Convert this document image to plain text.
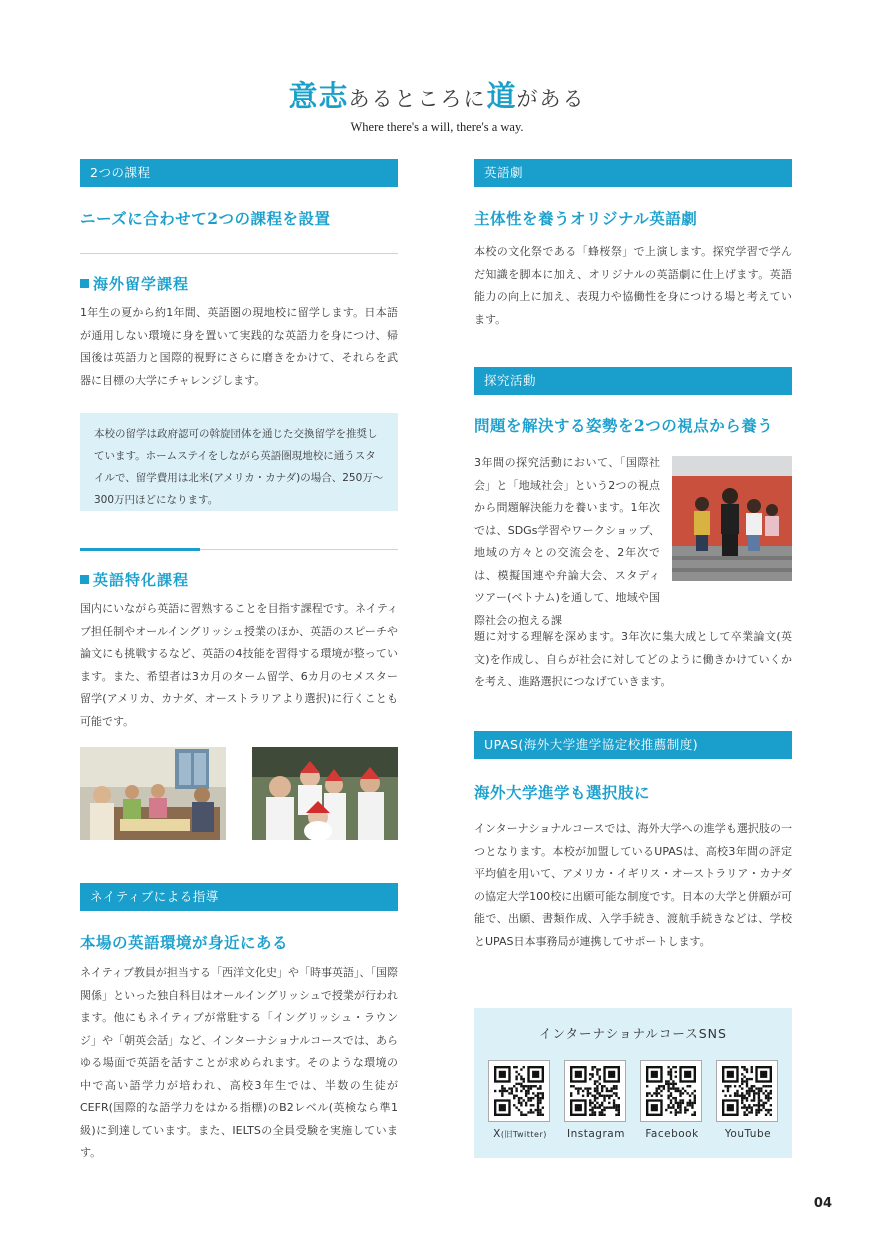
意志あるところに道がある
Where there's a will, there's a way.
2つの課程
ニーズに合わせて2つの課程を設置
海外留学課程
1年生の夏から約1年間、英語圏の現地校に留学します。日本語が通用しない環境に身を置いて実践的な英語力を身につけ、帰国後は英語力と国際的視野にさらに磨きをかけて、それらを武器に目標の大学にチャレンジします。
本校の留学は政府認可の斡旋団体を通じた交換留学を推奨しています。ホームステイをしながら英語圏現地校に通うスタイルで、留学費用は北米(アメリカ・カナダ)の場合、250万〜300万円ほどになります。
英語特化課程
国内にいながら英語に習熟することを目指す課程です。ネイティブ担任制やオールイングリッシュ授業のほか、英語のスピーチや論文にも挑戦するなど、英語の4技能を習得する環境が整っています。また、希望者は3カ月のターム留学、6カ月のセメスター留学(アメリカ、カナダ、オーストラリアより選択)に行くことも可能です。
ネイティブによる指導
本場の英語環境が身近にある
ネイティブ教員が担当する「西洋文化史」や「時事英語」、「国際関係」といった独自科目はオールイングリッシュで授業が行われます。他にもネイティブが常駐する「イングリッシュ・ラウンジ」や「朝英会話」など、インターナショナルコースでは、あらゆる場面で英語を話すことが求められます。そのような環境の中で高い語学力が培われ、高校3年生では、半数の生徒がCEFR(国際的な語学力をはかる指標)のB2レベル(英検なら準1級)に到達しています。また、IELTSの全員受験を実施しています。
英語劇
主体性を養うオリジナル英語劇
本校の文化祭である「蜂桜祭」で上演します。探究学習で学んだ知識を脚本に加え、オリジナルの英語劇に仕上げます。英語能力の向上に加え、表現力や協働性を身につける場と考えています。
探究活動
問題を解決する姿勢を2つの視点から養う
3年間の探究活動において、「国際社会」と「地域社会」という2つの視点から問題解決能力を養います。1年次では、SDGs学習やワークショップ、地域の方々との交流会を、2年次では、模擬国連や弁論大会、スタディツアー(ベトナム)を通して、地域や国際社会の抱える課
題に対する理解を深めます。3年次に集大成として卒業論文(英文)を作成し、自らが社会に対してどのように働きかけていくかを考え、進路選択につなげていきます。
UPAS(海外大学進学協定校推薦制度)
海外大学進学も選択肢に
インターナショナルコースでは、海外大学への進学も選択肢の一つとなります。本校が加盟しているUPASは、高校3年間の評定平均値を用いて、アメリカ・イギリス・オーストラリア・カナダの協定大学100校に出願可能な制度です。日本の大学と併願が可能で、出願、書類作成、入学手続き、渡航手続きなどは、学校とUPAS日本事務局が連携してサポートします。
インターナショナルコースSNS
X(旧Twitter)	Instagram	Facebook	YouTube
04
